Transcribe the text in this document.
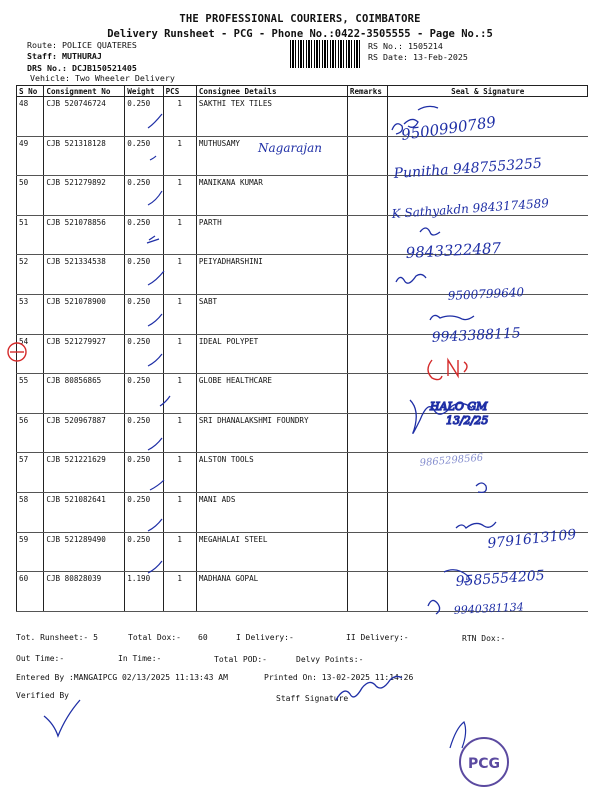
THE PROFESSIONAL COURIERS, COIMBATORE
Delivery Runsheet - PCG - Phone No.:0422-3505555 - Page No.:5
Route: POLICE QUATERES
Staff: MUTHURAJ
DRS No.: DCJB150521405
Vehicle: Two Wheeler Delivery
RS No.: 1505214
RS Date: 13-Feb-2025
S No	Consignment No	Weight	PCS	Consignee Details	Remarks	Seal & Signature
48	CJB 520746724	0.250	1	SAKTHI TEX TILES		
49	CJB 521318128	0.250	1	MUTHUSAMY		
50	CJB 521279892	0.250	1	MANIKANA KUMAR		
51	CJB 521078856	0.250	1	PARTH		
52	CJB 521334538	0.250	1	PEIYADHARSHINI		
53	CJB 521078900	0.250	1	SABT		
54	CJB 521279927	0.250	1	IDEAL POLYPET		
55	CJB 80856865	0.250	1	GLOBE HEALTHCARE		
56	CJB 520967887	0.250	1	SRI DHANALAKSHMI FOUNDRY		
57	CJB 521221629	0.250	1	ALSTON TOOLS		
58	CJB 521082641	0.250	1	MANI ADS		
59	CJB 521289490	0.250	1	MEGAHALAI STEEL		
60	CJB 80828039	1.190	1	MADHANA GOPAL		
Tot. Runsheet:- 5	Total Dox:- 60	I Delivery:-	II Delivery:-	RTN Dox:-
Out Time:-	In Time:-	Total POD:-	Delvy Points:-
Entered By :MANGAIPCG 02/13/2025 11:13:43 AM	Printed On: 13-02-2025 11:14:26
Verified By	Staff Signature
Nagarajan
9500990789
Punitha 9487553255
K Sathyakdn 9843174589
9843322487
9500799640
9943388115
9865298566
9791613109
9585554205
9940381134
HALO GM
13/2/25
PCG
